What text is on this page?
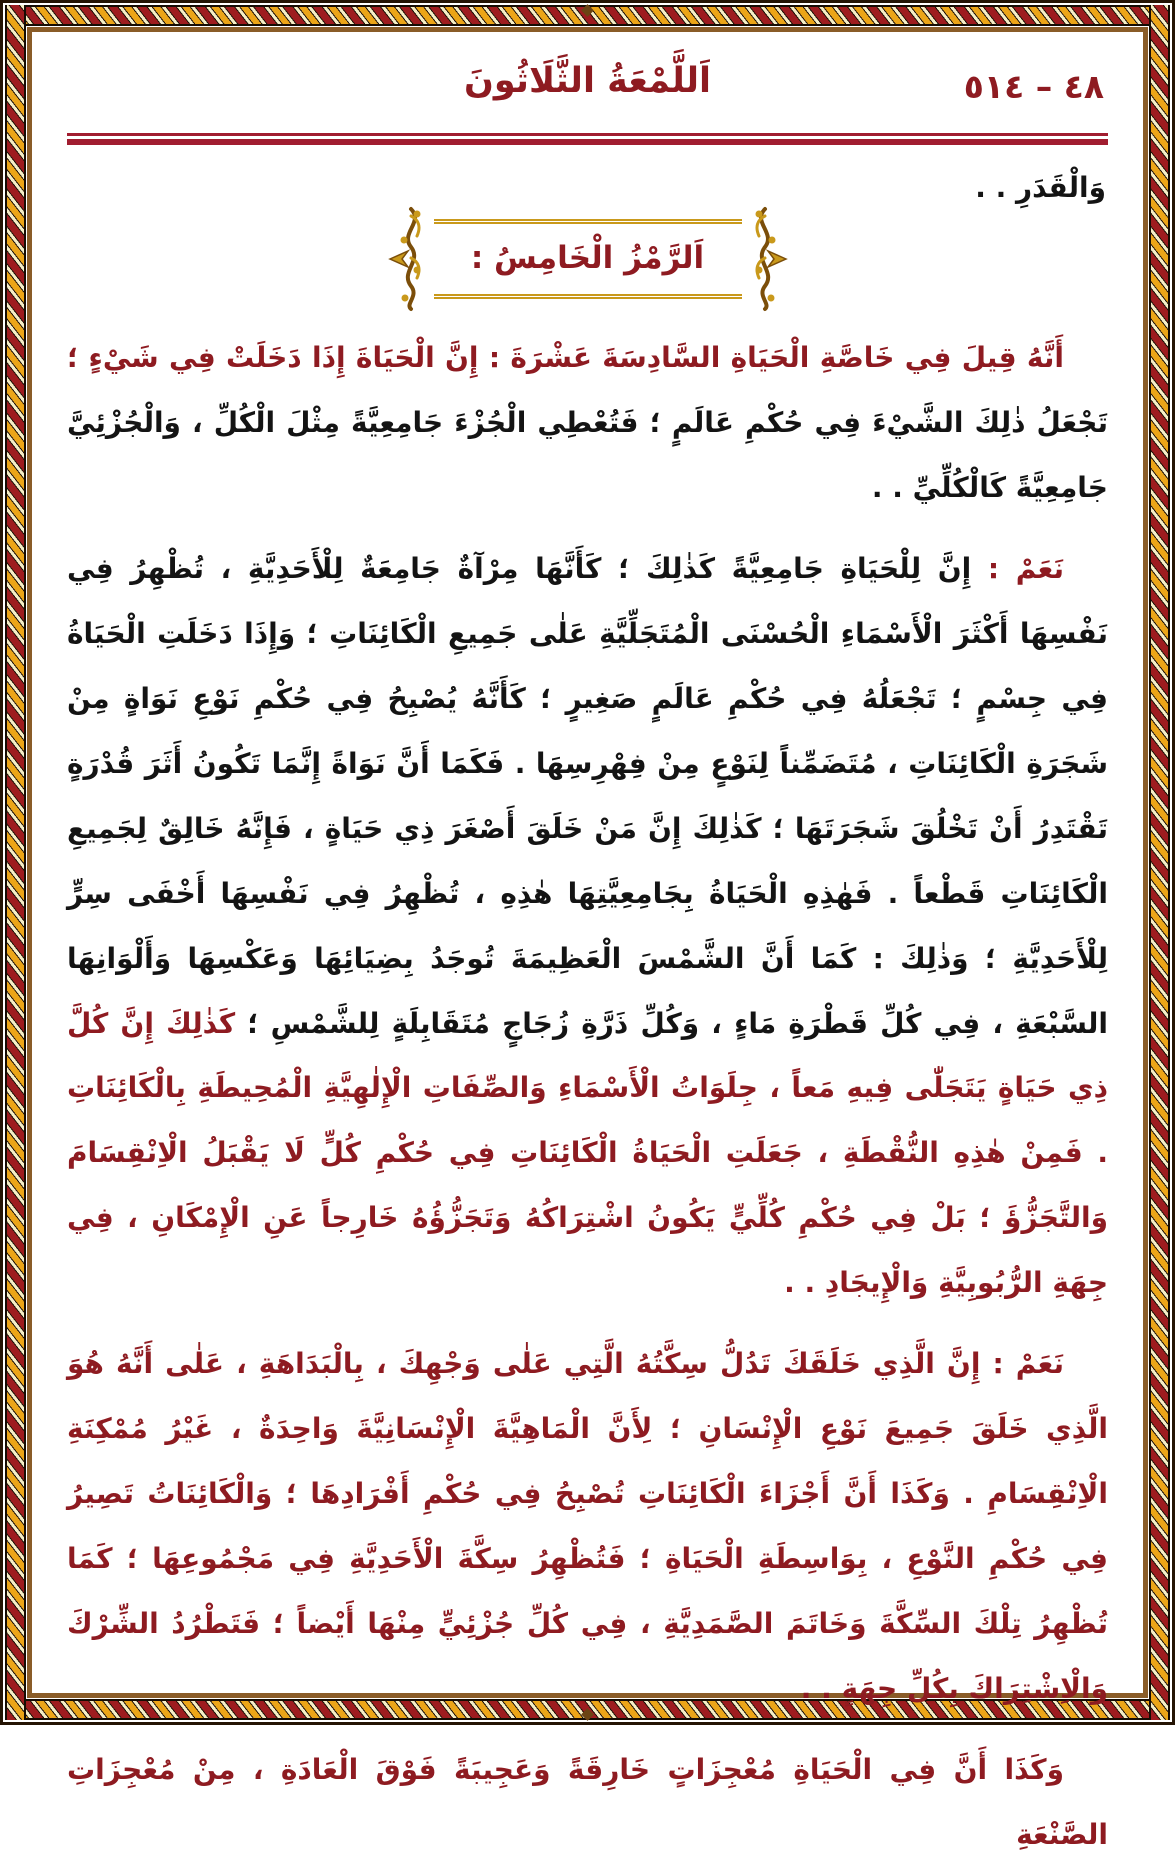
٤٨ – ٥١٤
اَللَّمْعَةُ الثَّلَاثُونَ

وَالْقَدَرِ . .

اَلرَّمْزُ الْخَامِسُ :

أَنَّهُ قِيلَ فِي خَاصَّةِ الْحَيَاةِ السَّادِسَةَ عَشْرَةَ : إِنَّ الْحَيَاةَ إِذَا دَخَلَتْ فِي شَيْءٍ ؛ تَجْعَلُ ذٰلِكَ الشَّيْءَ فِي حُكْمِ عَالَمٍ ؛ فَتُعْطِي الْجُزْءَ جَامِعِيَّةً مِثْلَ الْكُلِّ ، وَالْجُزْئِيَّ جَامِعِيَّةً كَالْكُلِّيِّ . .

نَعَمْ : إِنَّ لِلْحَيَاةِ جَامِعِيَّةً كَذٰلِكَ ؛ كَأَنَّهَا مِرْآةٌ جَامِعَةٌ لِلْأَحَدِيَّةِ ، تُظْهِرُ فِي نَفْسِهَا أَكْثَرَ الْأَسْمَاءِ الْحُسْنَى الْمُتَجَلِّيَّةِ عَلٰى جَمِيعِ الْكَائِنَاتِ ؛ وَإِذَا دَخَلَتِ الْحَيَاةُ فِي جِسْمٍ ؛ تَجْعَلُهُ فِي حُكْمِ عَالَمٍ صَغِيرٍ ؛ كَأَنَّهُ يُصْبِحُ فِي حُكْمِ نَوْعِ نَوَاةٍ مِنْ شَجَرَةِ الْكَائِنَاتِ ، مُتَضَمِّناً لِنَوْعٍ مِنْ فِهْرِسِهَا . فَكَمَا أَنَّ نَوَاةً إِنَّمَا تَكُونُ أَثَرَ قُدْرَةٍ تَقْتَدِرُ أَنْ تَخْلُقَ شَجَرَتَهَا ؛ كَذٰلِكَ إِنَّ مَنْ خَلَقَ أَصْغَرَ ذِي حَيَاةٍ ، فَإِنَّهُ خَالِقٌ لِجَمِيعِ الْكَائِنَاتِ قَطْعاً . فَهٰذِهِ الْحَيَاةُ بِجَامِعِيَّتِهَا هٰذِهِ ، تُظْهِرُ فِي نَفْسِهَا أَخْفَى سِرٍّ لِلْأَحَدِيَّةِ ؛ وَذٰلِكَ : كَمَا أَنَّ الشَّمْسَ الْعَظِيمَةَ تُوجَدُ بِضِيَائِهَا وَعَكْسِهَا وَأَلْوَانِهَا السَّبْعَةِ ، فِي كُلِّ قَطْرَةِ مَاءٍ ، وَكُلِّ ذَرَّةِ زُجَاجٍ مُتَقَابِلَةٍ لِلشَّمْسِ ؛ كَذٰلِكَ إِنَّ كُلَّ ذِي حَيَاةٍ يَتَجَلّٰى فِيهِ مَعاً ، جِلَوَاتُ الْأَسْمَاءِ وَالصِّفَاتِ الْإِلٰهِيَّةِ الْمُحِيطَةِ بِالْكَائِنَاتِ . فَمِنْ هٰذِهِ النُّقْطَةِ ، جَعَلَتِ الْحَيَاةُ الْكَائِنَاتِ فِي حُكْمِ كُلٍّ لَا يَقْبَلُ الْاِنْقِسَامَ وَالتَّجَزُّؤَ ؛ بَلْ فِي حُكْمِ كُلِّيٍّ يَكُونُ اشْتِرَاكُهُ وَتَجَزُّؤُهُ خَارِجاً عَنِ الْإِمْكَانِ ، فِي جِهَةِ الرُّبُوبِيَّةِ وَالْإِيجَادِ . .

نَعَمْ : إِنَّ الَّذِي خَلَقَكَ تَدُلُّ سِكَّتُهُ الَّتِي عَلٰى وَجْهِكَ ، بِالْبَدَاهَةِ ، عَلٰى أَنَّهُ هُوَ الَّذِي خَلَقَ جَمِيعَ نَوْعِ الْإِنْسَانِ ؛ لِأَنَّ الْمَاهِيَّةَ الْإِنْسَانِيَّةَ وَاحِدَةٌ ، غَيْرُ مُمْكِنَةِ الْاِنْقِسَامِ . وَكَذَا أَنَّ أَجْزَاءَ الْكَائِنَاتِ تُصْبِحُ فِي حُكْمِ أَفْرَادِهَا ؛ وَالْكَائِنَاتُ تَصِيرُ فِي حُكْمِ النَّوْعِ ، بِوَاسِطَةِ الْحَيَاةِ ؛ فَتُظْهِرُ سِكَّةَ الْأَحَدِيَّةِ فِي مَجْمُوعِهَا ؛ كَمَا تُظْهِرُ تِلْكَ السِّكَّةَ وَخَاتَمَ الصَّمَدِيَّةِ ، فِي كُلِّ جُزْئِيٍّ مِنْهَا أَيْضاً ؛ فَتَطْرُدُ الشِّرْكَ وَالْاِشْتِرَاكَ بِكُلِّ جِهَةٍ . .

وَكَذَا أَنَّ فِي الْحَيَاةِ مُعْجِزَاتٍ خَارِقَةً وَعَجِيبَةً فَوْقَ الْعَادَةِ ، مِنْ مُعْجِزَاتِ الصَّنْعَةِ
